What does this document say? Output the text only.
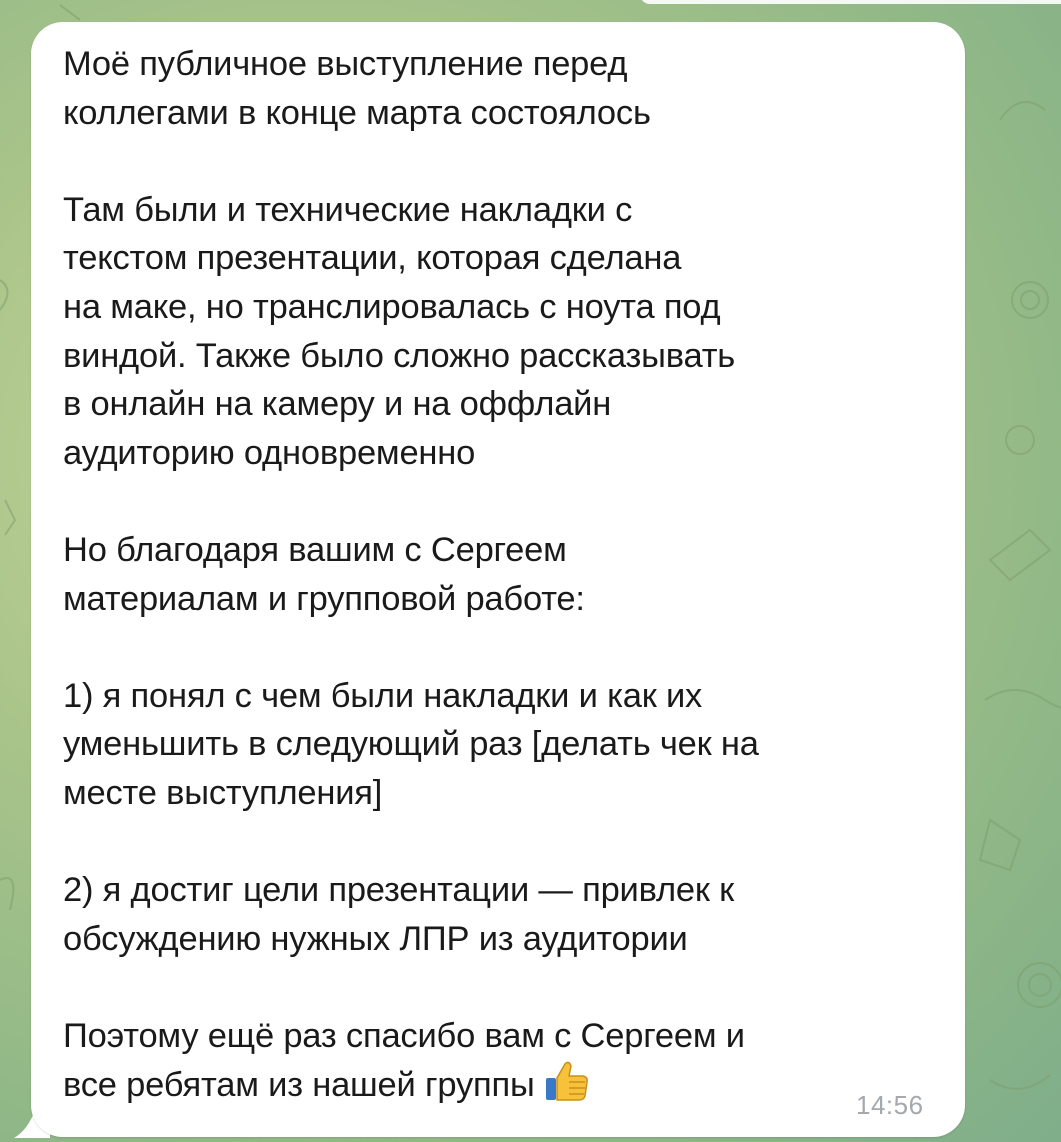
Моё публичное выступление перед
коллегами в конце марта состоялось
Там были и технические накладки с
текстом презентации, которая сделана
на маке, но транслировалась с ноута под
виндой. Также было сложно рассказывать
в онлайн на камеру и на оффлайн
аудиторию одновременно
Но благодаря вашим с Сергеем
материалам и групповой работе:
1) я понял с чем были накладки и как их
уменьшить в следующий раз [делать чек на
месте выступления]
2) я достиг цели презентации — привлек к
обсуждению нужных ЛПР из аудитории
Поэтому ещё раз спасибо вам с Сергеем и
все ребятам из нашей группы
14:56
